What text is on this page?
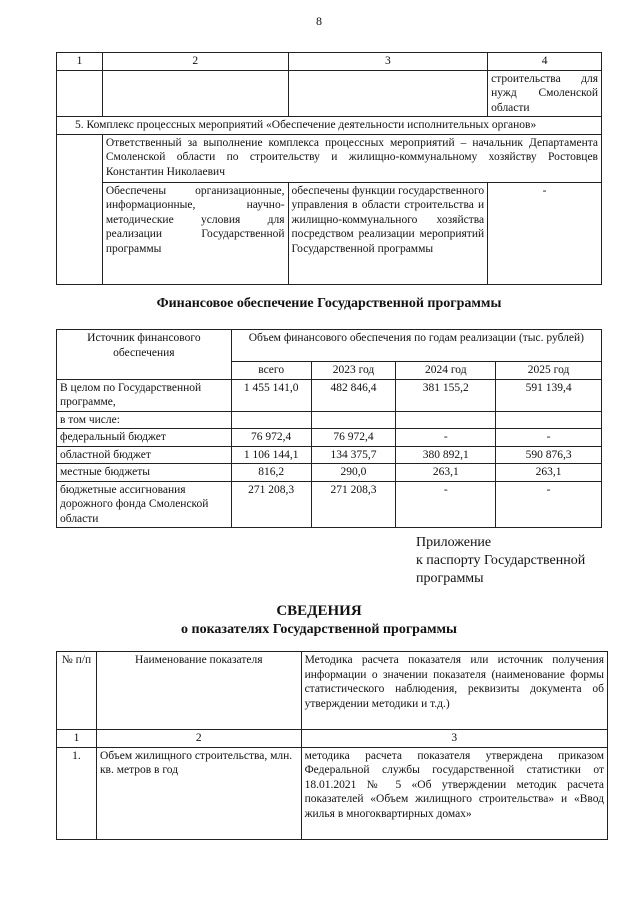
8
1	2	3	4
			строительства для нужд Смоленской области
5. Комплекс процессных мероприятий «Обеспечение деятельности исполнительных органов»			
	Ответственный за выполнение комплекса процессных мероприятий – начальник Департамента Смоленской области по строительству и жилищно-коммунальному хозяйству Ростовцев Константин Николаевич		
	Обеспечены организационные, информационные, научно-методические условия для реализации Государственной программы	обеспечены функции государственного управления в области строительства и жилищно-коммунального хозяйства посредством реализации мероприятий Государственной программы	-
Финансовое обеспечение Государственной программы
Источник финансового обеспечения	Объем финансового обеспечения по годам реализации (тыс. рублей)			
	всего	2023 год	2024 год	2025 год
В целом по Государственной программе,	1 455 141,0	482 846,4	381 155,2	591 139,4
в том числе:				
федеральный бюджет	76 972,4	76 972,4	-	-
областной бюджет	1 106 144,1	134 375,7	380 892,1	590 876,3
местные бюджеты	816,2	290,0	263,1	263,1
бюджетные ассигнования дорожного фонда Смоленской области	271 208,3	271 208,3	-	-
Приложение
к паспорту Государственной
программы
СВЕДЕНИЯ
о показателях Государственной программы
№ п/п	Наименование показателя	Методика расчета показателя или источник получения информации о значении показателя (наименование формы статистического наблюдения, реквизиты документа об утверждении методики и т.д.)
1	2	3
1.	Объем жилищного строительства, млн. кв. метров в год	методика расчета показателя утверждена приказом Федеральной службы государственной статистики от 18.01.2021 № 5 «Об утверждении методик расчета показателей «Объем жилищного строительства» и «Ввод жилья в многоквартирных домах»
